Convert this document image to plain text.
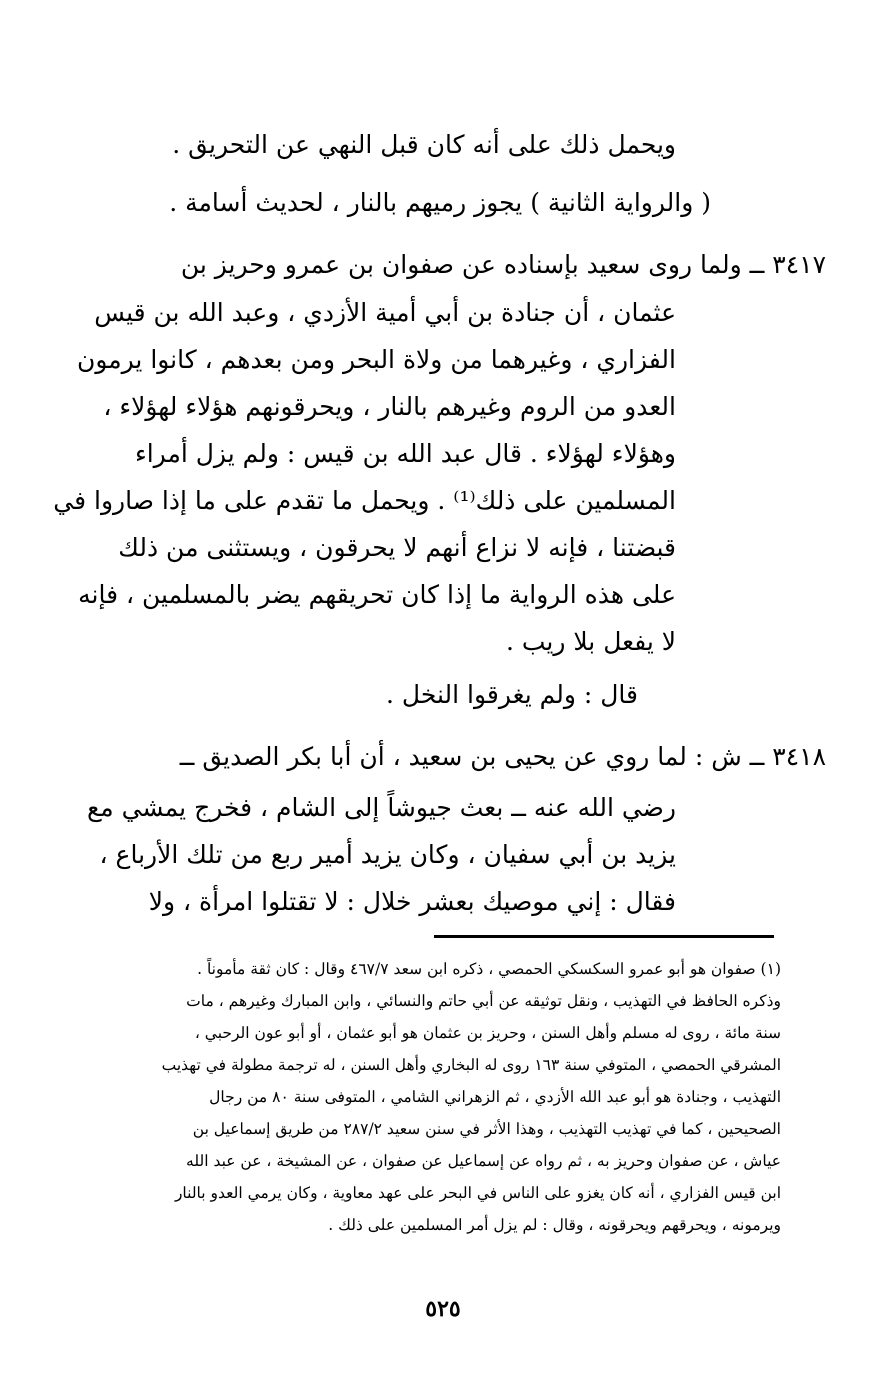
ويحمل ذلك على أنه كان قبل النهي عن التحريق .
( والرواية الثانية ) يجوز رميهم بالنار ، لحديث أسامة .
٣٤١٧ ــ ولما روى سعيد بإسناده عن صفوان بن عمرو وحريز بن
عثمان ، أن جنادة بن أبي أمية الأزدي ، وعبد الله بن قيس
الفزاري ، وغيرهما من ولاة البحر ومن بعدهم ، كانوا يرمون
العدو من الروم وغيرهم بالنار ، ويحرقونهم هؤلاء لهؤلاء ،
وهؤلاء لهؤلاء . قال عبد الله بن قيس : ولم يزل أمراء
المسلمين على ذلك⁽¹⁾ . ويحمل ما تقدم على ما إذا صاروا في
قبضتنا ، فإنه لا نزاع أنهم لا يحرقون ، ويستثنى من ذلك
على هذه الرواية ما إذا كان تحريقهم يضر بالمسلمين ، فإنه
لا يفعل بلا ريب .
قال : ولم يغرقوا النخل .
٣٤١٨ ــ ش : لما روي عن يحيى بن سعيد ، أن أبا بكر الصديق ــ
رضي الله عنه ــ بعث جيوشاً إلى الشام ، فخرج يمشي مع
يزيد بن أبي سفيان ، وكان يزيد أمير ربع من تلك الأرباع ،
فقال : إني موصيك بعشر خلال : لا تقتلوا امرأة ، ولا
(١) صفوان هو أبو عمرو السكسكي الحمصي ، ذكره ابن سعد ٤٦٧/٧ وقال : كان ثقة مأموناً .
وذكره الحافظ في التهذيب ، ونقل توثيقه عن أبي حاتم والنسائي ، وابن المبارك وغيرهم ، مات
سنة مائة ، روى له مسلم وأهل السنن ، وحريز بن عثمان هو أبو عثمان ، أو أبو عون الرحبي ،
المشرقي الحمصي ، المتوفي سنة ١٦٣ روى له البخاري وأهل السنن ، له ترجمة مطولة في تهذيب
التهذيب ، وجنادة هو أبو عبد الله الأزدي ، ثم الزهراني الشامي ، المتوفى سنة ٨٠ من رجال
الصحيحين ، كما في تهذيب التهذيب ، وهذا الأثر في سنن سعيد ٢٨٧/٢ من طريق إسماعيل بن
عياش ، عن صفوان وحريز به ، ثم رواه عن إسماعيل عن صفوان ، عن المشيخة ، عن عبد الله
ابن قيس الفزاري ، أنه كان يغزو على الناس في البحر على عهد معاوية ، وكان يرمي العدو بالنار
ويرمونه ، ويحرقهم ويحرقونه ، وقال : لم يزل أمر المسلمين على ذلك .
٥٢٥
